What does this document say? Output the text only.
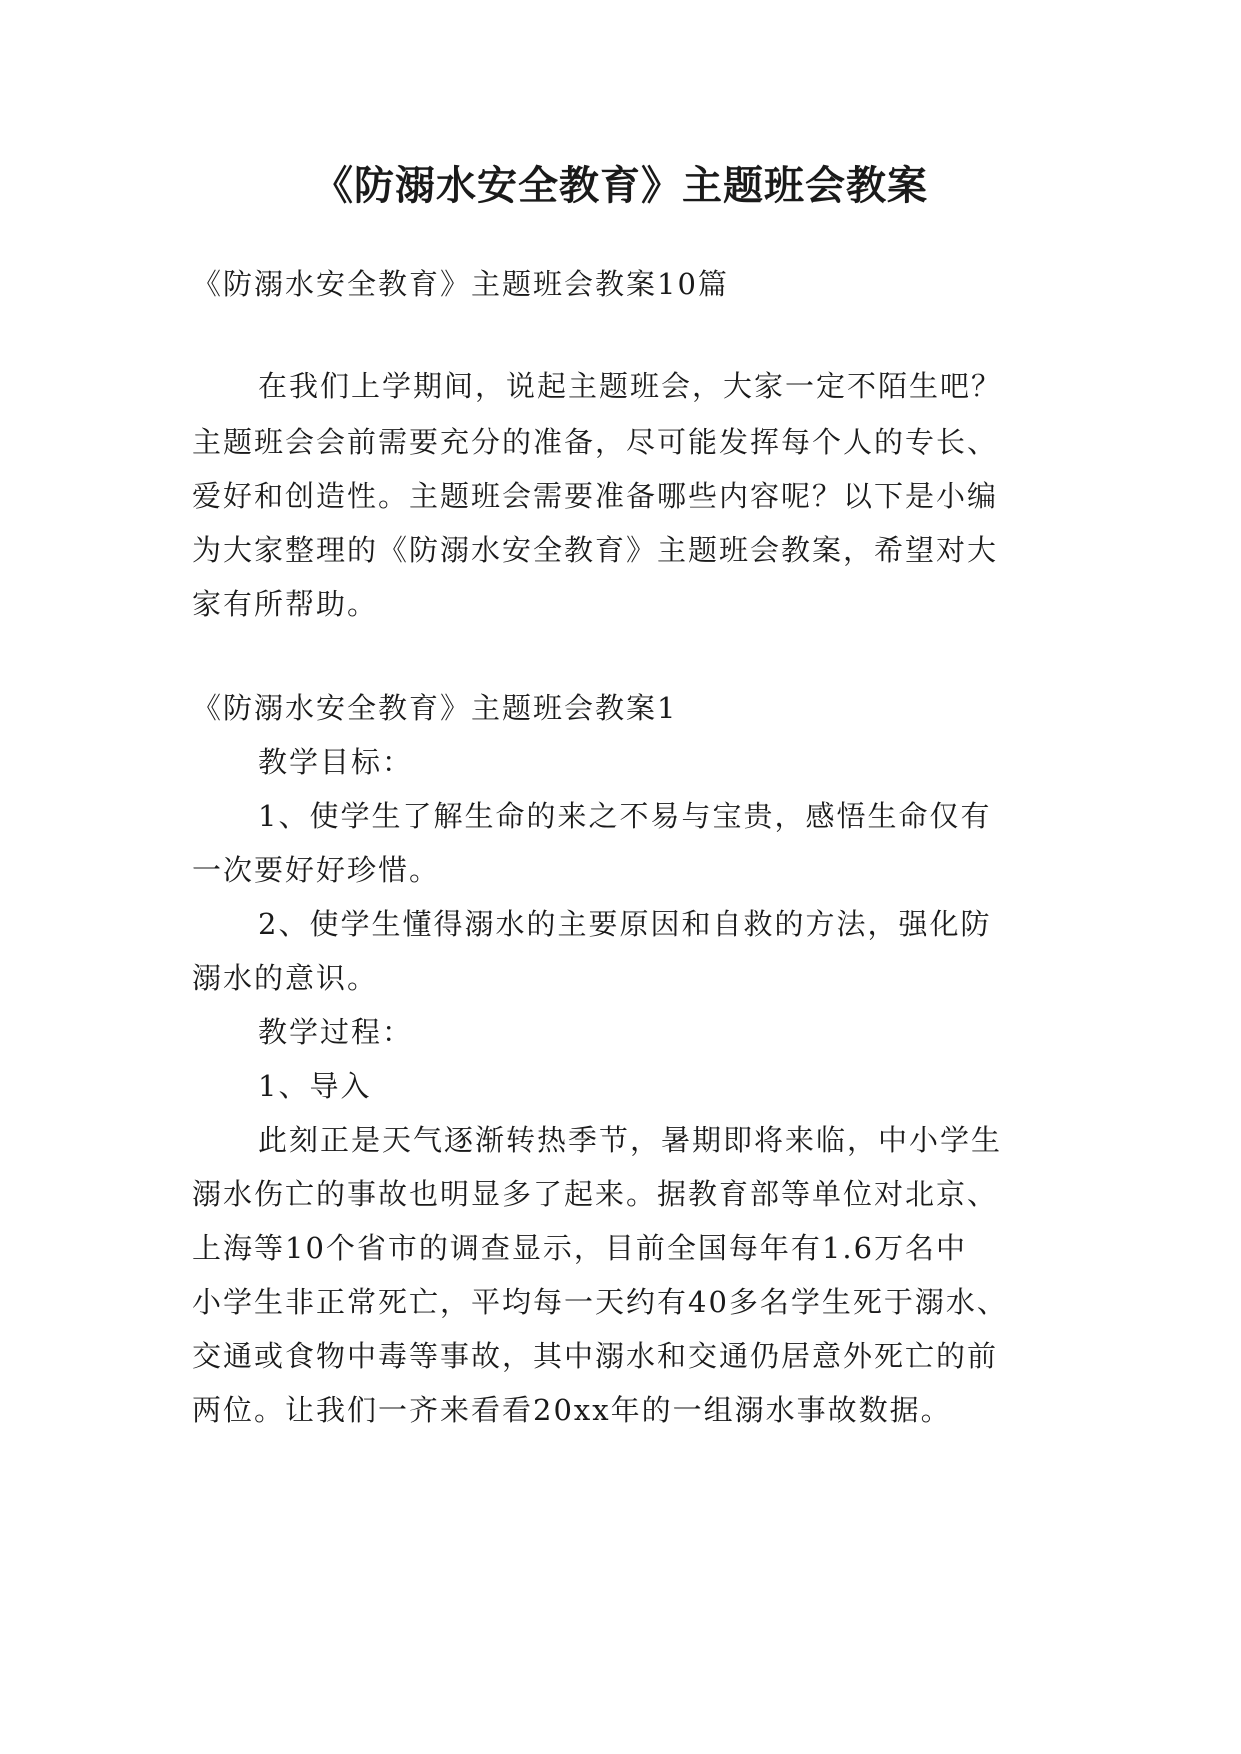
《防溺水安全教育》主题班会教案

《防溺水安全教育》主题班会教案10篇

在我们上学期间，说起主题班会，大家一定不陌生吧？

主题班会会前需要充分的准备，尽可能发挥每个人的专长、

爱好和创造性。主题班会需要准备哪些内容呢？以下是小编

为大家整理的《防溺水安全教育》主题班会教案，希望对大

家有所帮助。

《防溺水安全教育》主题班会教案1

教学目标：

1、使学生了解生命的来之不易与宝贵，感悟生命仅有

一次要好好珍惜。

2、使学生懂得溺水的主要原因和自救的方法，强化防

溺水的意识。

教学过程：

1、导入

此刻正是天气逐渐转热季节，暑期即将来临，中小学生

溺水伤亡的事故也明显多了起来。据教育部等单位对北京、

上海等10个省市的调查显示，目前全国每年有1.6万名中

小学生非正常死亡，平均每一天约有40多名学生死于溺水、

交通或食物中毒等事故，其中溺水和交通仍居意外死亡的前

两位。让我们一齐来看看20xx年的一组溺水事故数据。
